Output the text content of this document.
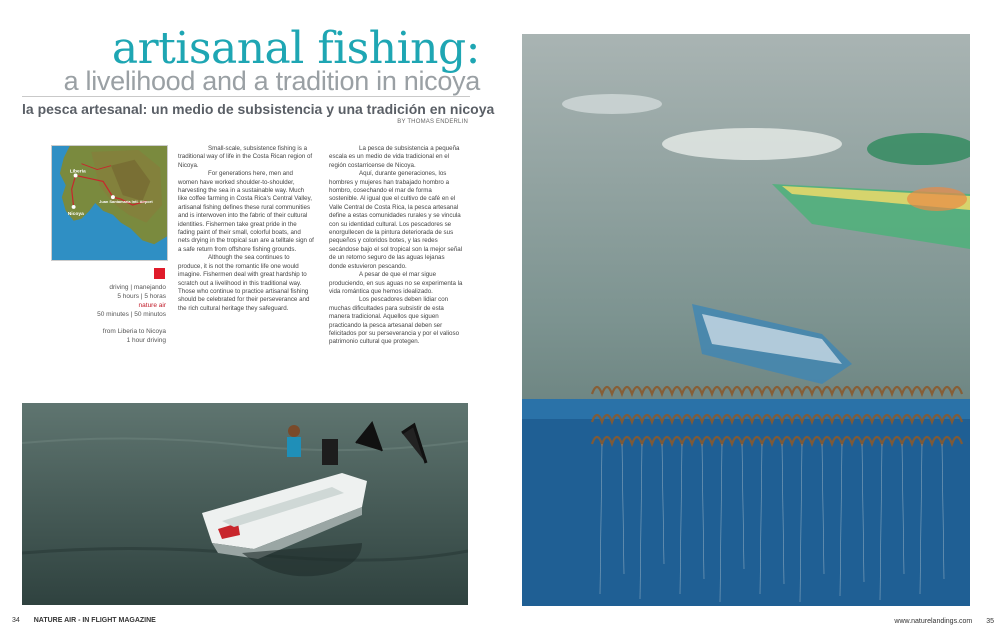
artisanal fishing:
a livelihood and a tradition in nicoya
la pesca artesanal: un medio de subsistencia y una tradición en nicoya
BY THOMAS ENDERLIN
Liberia
Nicoya
Juan Santamaría Intl. Airport
driving | manejando
5 hours | 5 horas
nature air
50 minutes | 50 minutos
from Liberia to Nicoya
1 hour driving

Small-scale, subsistence fishing is a traditional way of life in the Costa Rican region of Nicoya.

For generations here, men and women have worked shoulder-to-shoulder, harvesting the sea in a sustainable way. Much like coffee farming in Costa Rica's Central Valley, artisanal fishing defines these rural communities and is interwoven into the fabric of their cultural identities. Fishermen take great pride in the fading paint of their small, colorful boats, and nets drying in the tropical sun are a telltale sign of a safe return from offshore fishing grounds.

Although the sea continues to produce, it is not the romantic life one would imagine. Fishermen deal with great hardship to scratch out a livelihood in this traditional way. Those who continue to practice artisanal fishing should be celebrated for their perseverance and the rich cultural heritage they safeguard.

La pesca de subsistencia a pequeña escala es un medio de vida tradicional en el región costarricense de Nicoya.

Aquí, durante generaciones, los hombres y mujeres han trabajado hombro a hombro, cosechando el mar de forma sostenible. Al igual que el cultivo de café en el Valle Central de Costa Rica, la pesca artesanal define a estas comunidades rurales y se vincula con su identidad cultural. Los pescadores se enorgullecen de la pintura deteriorada de sus pequeños y coloridos botes, y las redes secándose bajo el sol tropical son la mejor señal de un retorno seguro de las aguas lejanas donde estuvieron pescando.

A pesar de que el mar sigue produciendo, en sus aguas no se experimenta la vida romántica que hemos idealizado.

Los pescadores deben lidiar con muchas dificultades para subsistir de esta manera tradicional. Aquellos que siguen practicando la pesca artesanal deben ser felicitados por su perseverancia y por el valioso patrimonio cultural que protegen.

34 NATURE AIR - IN FLIGHT MAGAZINE	www.naturelandings.com 35
